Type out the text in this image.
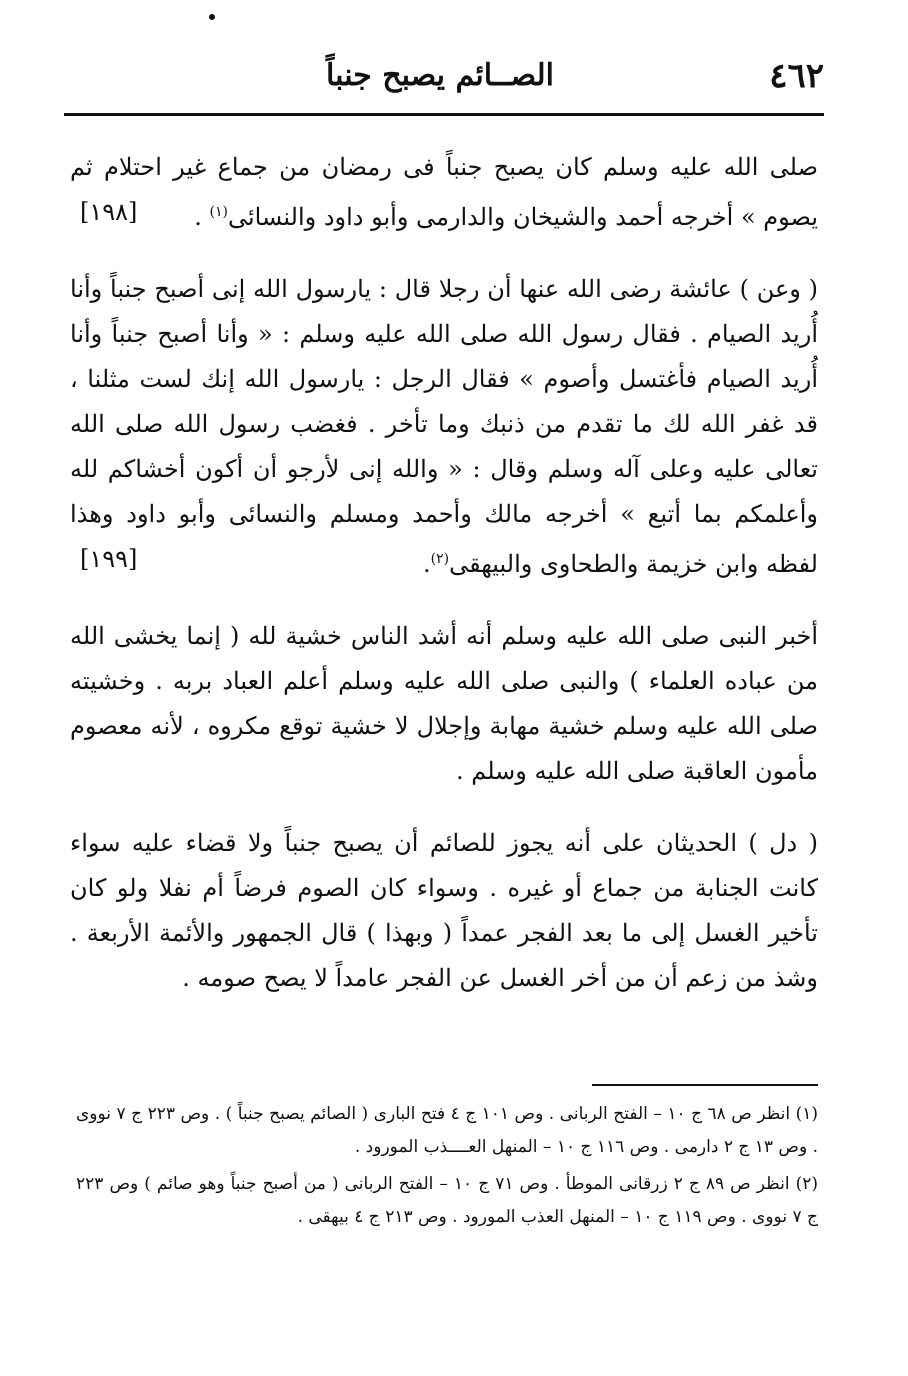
٤٦٢
الصــائم يصبح جنباً

صلى الله عليه وسلم كان يصبح جنباً فى رمضان من جماع غير احتلام ثم يصوم » أخرجه أحمد والشيخان والدارمى وأبو داود والنسائى$^{(١)}$ .
[١٩٨]

( وعن ) عائشة رضى الله عنها أن رجلا قال : يارسول الله إنى أصبح جنباً وأنا أُريد الصيام . فقال رسول الله صلى الله عليه وسلم : « وأنا أصبح جنباً وأنا أُريد الصيام فأغتسل وأصوم » فقال الرجل : يارسول الله إنك لست مثلنا ، قد غفر الله لك ما تقدم من ذنبك وما تأخر . فغضب رسول الله صلى الله تعالى عليه وعلى آله وسلم وقال : « والله إنى لأرجو أن أكون أخشاكم لله وأعلمكم بما أتبع » أخرجه مالك وأحمد ومسلم والنسائى وأبو داود وهذا لفظه وابن خزيمة والطحاوى والبيهقى$^{(٢)}$.
[١٩٩]

أخبر النبى صلى الله عليه وسلم أنه أشد الناس خشية لله ( إنما يخشى الله من عباده العلماء ) والنبى صلى الله عليه وسلم أعلم العباد بربه . وخشيته صلى الله عليه وسلم خشية مهابة وإجلال لا خشية توقع مكروه ، لأنه معصوم مأمون العاقبة صلى الله عليه وسلم .

( دل ) الحديثان على أنه يجوز للصائم أن يصبح جنباً ولا قضاء عليه سواء كانت الجنابة من جماع أو غيره . وسواء كان الصوم فرضاً أم نفلا ولو كان تأخير الغسل إلى ما بعد الفجر عمداً ( وبهذا ) قال الجمهور والأئمة الأربعة . وشذ من زعم أن من أخر الغسل عن الفجر عامداً لا يصح صومه .

(١) انظر ص ٦٨ ج ١٠ – الفتح الربانى . وص ١٠١ ج ٤ فتح البارى ( الصائم يصبح جنباً ) . وص ٢٢٣ ج ٧ نووى . وص ١٣ ج ٢ دارمى . وص ١١٦ ج ١٠ – المنهل العــــذب المورود .

(٢) انظر ص ٨٩ ج ٢ زرقانى الموطأ . وص ٧١ ج ١٠ – الفتح الربانى ( من أصبح جنباً وهو صائم ) وص ٢٢٣ ج ٧ نووى . وص ١١٩ ج ١٠ – المنهل العذب المورود . وص ٢١٣ ج ٤ بيهقى .
